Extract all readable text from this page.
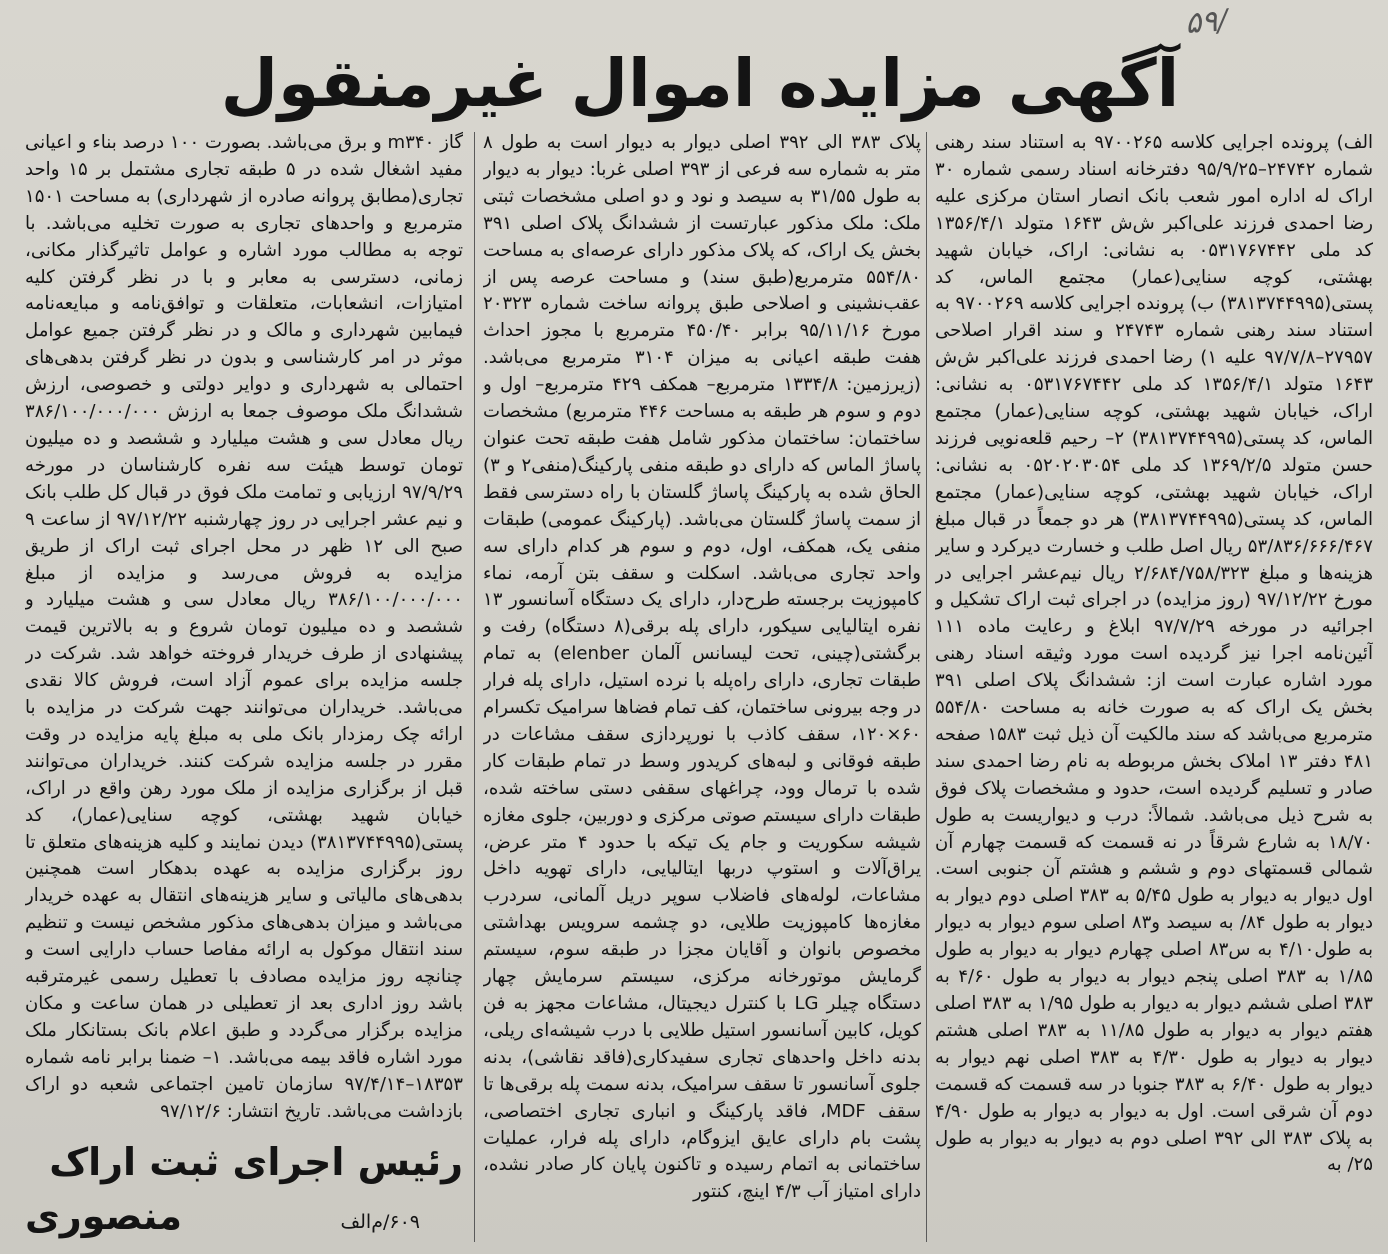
۵۹/
آگهی مزایده اموال غیرمنقول

الف) پرونده اجرایی کلاسه ۹۷۰۰۲۶۵ به استناد سند رهنی شماره ۲۴۷۴۲–۹۵/۹/۲۵ دفترخانه اسناد رسمی شماره ۳۰ اراک له اداره امور شعب بانک انصار استان مرکزی علیه رضا احمدی فرزند علی‌اکبر ش‌ش ۱۶۴۳ متولد ۱۳۵۶/۴/۱ کد ملی ۰۵۳۱۷۶۷۴۴۲ به نشانی: اراک، خیابان شهید بهشتی، کوچه سنایی(عمار) مجتمع الماس، کد پستی(۳۸۱۳۷۴۴۹۹۵) ب) پرونده اجرایی کلاسه ۹۷۰۰۲۶۹ به استناد سند رهنی شماره ۲۴۷۴۳ و سند اقرار اصلاحی ۲۷۹۵۷–۹۷/۷/۸ علیه ۱) رضا احمدی فرزند علی‌اکبر ش‌ش ۱۶۴۳ متولد ۱۳۵۶/۴/۱ کد ملی ۰۵۳۱۷۶۷۴۴۲ به نشانی: اراک، خیابان شهید بهشتی، کوچه سنایی(عمار) مجتمع الماس، کد پستی(۳۸۱۳۷۴۴۹۹۵) ۲– رحیم قلعه‌نویی فرزند حسن متولد ۱۳۶۹/۲/۵ کد ملی ۰۵۲۰۲۰۳۰۵۴ به نشانی: اراک، خیابان شهید بهشتی، کوچه سنایی(عمار) مجتمع الماس، کد پستی(۳۸۱۳۷۴۴۹۹۵) هر دو جمعاً در قبال مبلغ ۵۳/۸۳۶/۶۶۶/۴۶۷ ریال اصل طلب و خسارت دیرکرد و سایر هزینه‌ها و مبلغ ۲/۶۸۴/۷۵۸/۳۲۳ ریال نیم‌عشر اجرایی در مورخ ۹۷/۱۲/۲۲ (روز مزایده) در اجرای ثبت اراک تشکیل و اجرائیه در مورخه ۹۷/۷/۲۹ ابلاغ و رعایت ماده ۱۱۱ آئین‌نامه اجرا نیز گردیده است مورد وثیقه اسناد رهنی مورد اشاره عبارت است از: ششدانگ پلاک اصلی ۳۹۱ بخش یک اراک که به صورت خانه به مساحت ۵۵۴/۸۰ مترمربع می‌باشد که سند مالکیت آن ذیل ثبت ۱۵۸۳ صفحه ۴۸۱ دفتر ۱۳ املاک بخش مربوطه به نام رضا احمدی سند صادر و تسلیم گردیده است، حدود و مشخصات پلاک فوق به شرح ذیل می‌باشد. شمالاً: درب و دیواریست به طول ۱۸/۷۰ به شارع شرقاً در نه قسمت که قسمت چهارم آن شمالی قسمتهای دوم و ششم و هشتم آن جنوبی است. اول دیوار به دیوار به طول ۵/۴۵ به ۳۸۳ اصلی دوم دیوار به دیوار به طول ۸۴/ به سیصد و۸۳ اصلی سوم دیوار به دیوار به طول۴/۱۰ به س۸۳ اصلی چهارم دیوار به دیوار به طول ۱/۸۵ به ۳۸۳ اصلی پنجم دیوار به دیوار به طول ۴/۶۰ به ۳۸۳ اصلی ششم دیوار به دیوار به طول ۱/۹۵ به ۳۸۳ اصلی هفتم دیوار به دیوار به طول ۱۱/۸۵ به ۳۸۳ اصلی هشتم دیوار به دیوار به طول ۴/۳۰ به ۳۸۳ اصلی نهم دیوار به دیوار به طول ۶/۴۰ به ۳۸۳ جنوبا در سه قسمت که قسمت دوم آن شرقی است. اول به دیوار به دیوار به طول ۴/۹۰ به پلاک ۳۸۳ الی ۳۹۲ اصلی دوم به دیوار به دیوار به طول ۲۵/ به

پلاک ۳۸۳ الی ۳۹۲ اصلی دیوار به دیوار است به طول ۸ متر به شماره سه فرعی از ۳۹۳ اصلی غربا: دیوار به دیوار به طول ۳۱/۵۵ به سیصد و نود و دو اصلی مشخصات ثبتی ملک: ملک مذکور عبارتست از ششدانگ پلاک اصلی ۳۹۱ بخش یک اراک، که پلاک مذکور دارای عرصه‌ای به مساحت ۵۵۴/۸۰ مترمربع(طبق سند) و مساحت عرصه پس از عقب‌نشینی و اصلاحی طبق پروانه ساخت شماره ۲۰۳۲۳ مورخ ۹۵/۱۱/۱۶ برابر ۴۵۰/۴۰ مترمربع با مجوز احداث هفت طبقه اعیانی به میزان ۳۱۰۴ مترمربع می‌باشد. (زیرزمین: ۱۳۳۴/۸ مترمربع– همکف ۴۲۹ مترمربع– اول و دوم و سوم هر طبقه به مساحت ۴۴۶ مترمربع) مشخصات ساختمان: ساختمان مذکور شامل هفت طبقه تحت عنوان پاساژ الماس که دارای دو طبقه منفی پارکینگ(منفی۲ و ۳) الحاق شده به پارکینگ پاساژ گلستان با راه دسترسی فقط از سمت پاساژ گلستان می‌باشد. (پارکینگ عمومی) طبقات منفی یک، همکف، اول، دوم و سوم هر کدام دارای سه واحد تجاری می‌باشد. اسکلت و سقف بتن آرمه، نماء کامپوزیت برجسته طرح‌دار، دارای یک دستگاه آسانسور ۱۳ نفره ایتالیایی سیکور، دارای پله برقی(۸ دستگاه) رفت و برگشتی(چینی، تحت لیسانس آلمان elenber) به تمام طبقات تجاری، دارای راه‌پله با نرده استیل، دارای پله فرار در وجه بیرونی ساختمان، کف تمام فضاها سرامیک تکسرام ۶۰×۱۲۰، سقف کاذب با نورپردازی سقف مشاعات در طبقه فوقانی و لبه‌های کریدور وسط در تمام طبقات کار شده با ترمال وود، چراغهای سقفی دستی ساخته شده، طبقات دارای سیستم صوتی مرکزی و دوربین، جلوی مغازه شیشه سکوریت و جام یک تیکه با حدود ۴ متر عرض، یراق‌آلات و استوپ دربها ایتالیایی، دارای تهویه داخل مشاعات، لوله‌های فاضلاب سوپر دریل آلمانی، سردرب مغازه‌ها کامپوزیت طلایی، دو چشمه سرویس بهداشتی مخصوص بانوان و آقایان مجزا در طبقه سوم، سیستم گرمایش موتورخانه مرکزی، سیستم سرمایش چهار دستگاه چیلر LG با کنترل دیجیتال، مشاعات مجهز به فن کویل، کابین آسانسور استیل طلایی با درب شیشه‌ای ریلی، بدنه داخل واحدهای تجاری سفیدکاری(فاقد نقاشی)، بدنه جلوی آسانسور تا سقف سرامیک، بدنه سمت پله برقی‌ها تا سقف MDF، فاقد پارکینگ و انباری تجاری اختصاصی، پشت بام دارای عایق ایزوگام، دارای پله فرار، عملیات ساختمانی به اتمام رسیده و تاکنون پایان کار صادر نشده، دارای امتیاز آب ۴/۳ اینچ، کنتور

گاز m۳۴۰ و برق می‌باشد. بصورت ۱۰۰ درصد بناء و اعیانی مفید اشغال شده در ۵ طبقه تجاری مشتمل بر ۱۵ واحد تجاری(مطابق پروانه صادره از شهرداری) به مساحت ۱۵۰۱ مترمربع و واحدهای تجاری به صورت تخلیه می‌باشد. با توجه به مطالب مورد اشاره و عوامل تاثیرگذار مکانی، زمانی، دسترسی به معابر و با در نظر گرفتن کلیه امتیازات، انشعابات، متعلقات و توافق‌نامه و مبایعه‌نامه فیمابین شهرداری و مالک و در نظر گرفتن جمیع عوامل موثر در امر کارشناسی و بدون در نظر گرفتن بدهی‌های احتمالی به شهرداری و دوایر دولتی و خصوصی، ارزش ششدانگ ملک موصوف جمعا به ارزش ۳۸۶/۱۰۰/۰۰۰/۰۰۰ ریال معادل سی و هشت میلیارد و ششصد و ده میلیون تومان توسط هیئت سه نفره کارشناسان در مورخه ۹۷/۹/۲۹ ارزیابی و تمامت ملک فوق در قبال کل طلب بانک و نیم عشر اجرایی در روز چهارشنبه ۹۷/۱۲/۲۲ از ساعت ۹ صبح الی ۱۲ ظهر در محل اجرای ثبت اراک از طریق مزایده به فروش می‌رسد و مزایده از مبلغ ۳۸۶/۱۰۰/۰۰۰/۰۰۰ ریال معادل سی و هشت میلیارد و ششصد و ده میلیون تومان شروع و به بالاترین قیمت پیشنهادی از طرف خریدار فروخته خواهد شد. شرکت در جلسه مزایده برای عموم آزاد است، فروش کالا نقدی می‌باشد. خریداران می‌توانند جهت شرکت در مزایده با ارائه چک رمزدار بانک ملی به مبلغ پایه مزایده در وقت مقرر در جلسه مزایده شرکت کنند. خریداران می‌توانند قبل از برگزاری مزایده از ملک مورد رهن واقع در اراک، خیابان شهید بهشتی، کوچه سنایی(عمار)، کد پستی(۳۸۱۳۷۴۴۹۹۵) دیدن نمایند و کلیه هزینه‌های متعلق تا روز برگزاری مزایده به عهده بدهکار است همچنین بدهی‌های مالیاتی و سایر هزینه‌های انتقال به عهده خریدار می‌باشد و میزان بدهی‌های مذکور مشخص نیست و تنظیم سند انتقال موکول به ارائه مفاصا حساب دارایی است و چنانچه روز مزایده مصادف با تعطیل رسمی غیرمترقبه باشد روز اداری بعد از تعطیلی در همان ساعت و مکان مزایده برگزار می‌گردد و طبق اعلام بانک بستانکار ملک مورد اشاره فاقد بیمه می‌باشد. ۱– ضمنا برابر نامه شماره ۱۸۳۵۳–۹۷/۴/۱۴ سازمان تامین اجتماعی شعبه دو اراک بازداشت می‌باشد. تاریخ انتشار: ۹۷/۱۲/۶

رئیس اجرای ثبت اراک
۶۰۹/م‌الف
منصوری
